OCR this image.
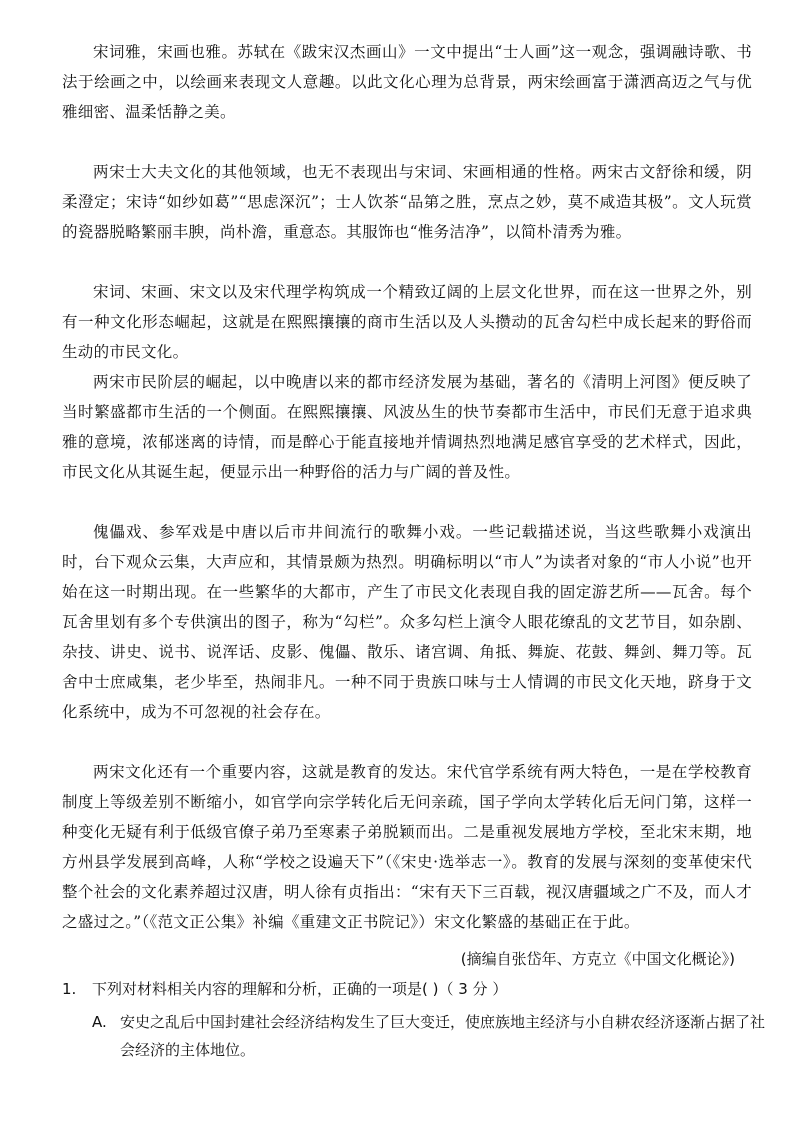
宋词雅，宋画也雅。苏轼在《跋宋汉杰画山》一文中提出“士人画”这一观念，强调融诗歌、书法于绘画之中，以绘画来表现文人意趣。以此文化心理为总背景，两宋绘画富于潇洒高迈之气与优雅细密、温柔恬静之美。

两宋士大夫文化的其他领域，也无不表现出与宋词、宋画相通的性格。两宋古文舒徐和缓，阴柔澄定；宋诗“如纱如葛”“思虑深沉”；士人饮茶“品第之胜，烹点之妙，莫不咸造其极”。文人玩赏的瓷器脱略繁丽丰腴，尚朴澹，重意态。其服饰也“惟务洁净”，以简朴清秀为雅。

宋词、宋画、宋文以及宋代理学构筑成一个精致辽阔的上层文化世界，而在这一世界之外，别有一种文化形态崛起，这就是在熙熙攘攘的商市生活以及人头攒动的瓦舍勾栏中成长起来的野俗而生动的市民文化。

两宋市民阶层的崛起，以中晚唐以来的都市经济发展为基础，著名的《清明上河图》便反映了当时繁盛都市生活的一个侧面。在熙熙攘攘、风波丛生的快节奏都市生活中，市民们无意于追求典雅的意境，浓郁迷离的诗情，而是醉心于能直接地并情调热烈地满足感官享受的艺术样式，因此，市民文化从其诞生起，便显示出一种野俗的活力与广阔的普及性。

傀儡戏、参军戏是中唐以后市井间流行的歌舞小戏。一些记载描述说，当这些歌舞小戏演出时，台下观众云集，大声应和，其情景颇为热烈。明确标明以“市人”为读者对象的“市人小说”也开始在这一时期出现。在一些繁华的大都市，产生了市民文化表现自我的固定游艺所——瓦舍。每个瓦舍里划有多个专供演出的图子，称为“勾栏”。众多勾栏上演令人眼花缭乱的文艺节目，如杂剧、杂技、讲史、说书、说浑话、皮影、傀儡、散乐、诸宫调、角抵、舞旋、花鼓、舞剑、舞刀等。瓦舍中士庶咸集，老少毕至，热闹非凡。一种不同于贵族口味与士人情调的市民文化天地，跻身于文化系统中，成为不可忽视的社会存在。

两宋文化还有一个重要内容，这就是教育的发达。宋代官学系统有两大特色，一是在学校教育制度上等级差别不断缩小，如官学向宗学转化后无问亲疏，国子学向太学转化后无问门第，这样一种变化无疑有利于低级官僚子弟乃至寒素子弟脱颖而出。二是重视发展地方学校，至北宋末期，地方州县学发展到高峰，人称“学校之设遍天下”（《宋史·选举志一》。教育的发展与深刻的变革使宋代整个社会的文化素养超过汉唐，明人徐有贞指出：“宋有天下三百载，视汉唐疆域之广不及，而人才之盛过之。”（《范文正公集》补编《重建文正书院记》）宋文化繁盛的基础正在于此。

(摘编自张岱年、方克立《中国文化概论》)
1. 下列对材料相关内容的理解和分析，正确的一项是( )（ 3 分 ）
A. 安史之乱后中国封建社会经济结构发生了巨大变迁，使庶族地主经济与小自耕农经济逐渐占据了社会经济的主体地位。
